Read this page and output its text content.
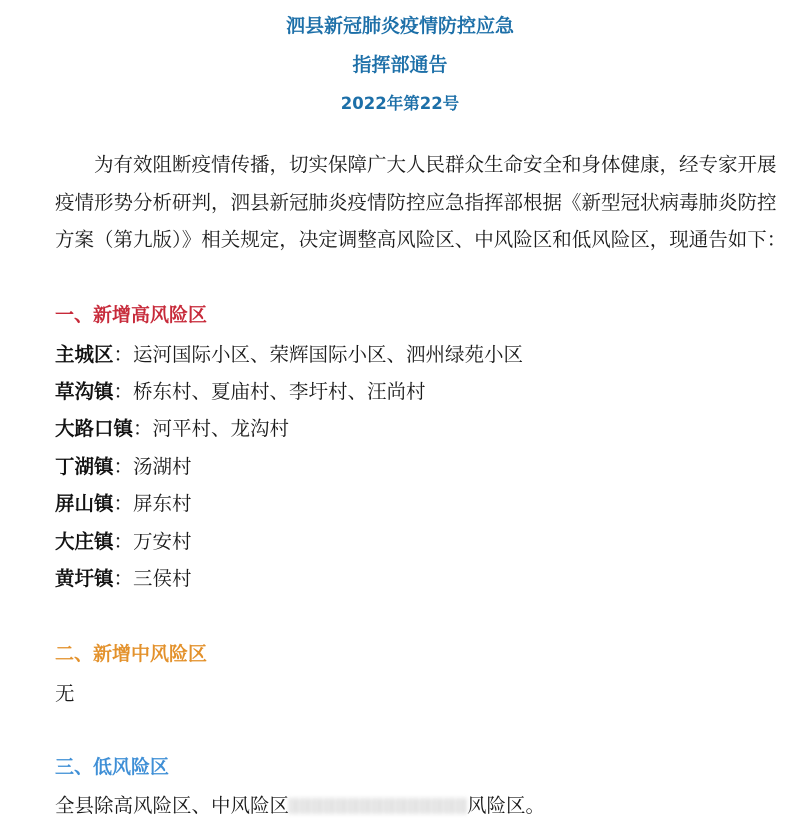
泗县新冠肺炎疫情防控应急
指挥部通告
2022年第22号
为有效阻断疫情传播，切实保障广大人民群众生命安全和身体健康，经专家开展疫情形势分析研判，泗县新冠肺炎疫情防控应急指挥部根据《新型冠状病毒肺炎防控方案（第九版）》相关规定，决定调整高风险区、中风险区和低风险区，现通告如下：
一、新增高风险区
主城区：运河国际小区、荣辉国际小区、泗州绿苑小区
草沟镇：桥东村、夏庙村、李圩村、汪尚村
大路口镇：河平村、龙沟村
丁湖镇：汤湖村
屏山镇：屏东村
大庄镇：万安村
黄圩镇：三侯村
二、新增中风险区
无
三、低风险区
全县除高风险区、中风险区	风险区。
